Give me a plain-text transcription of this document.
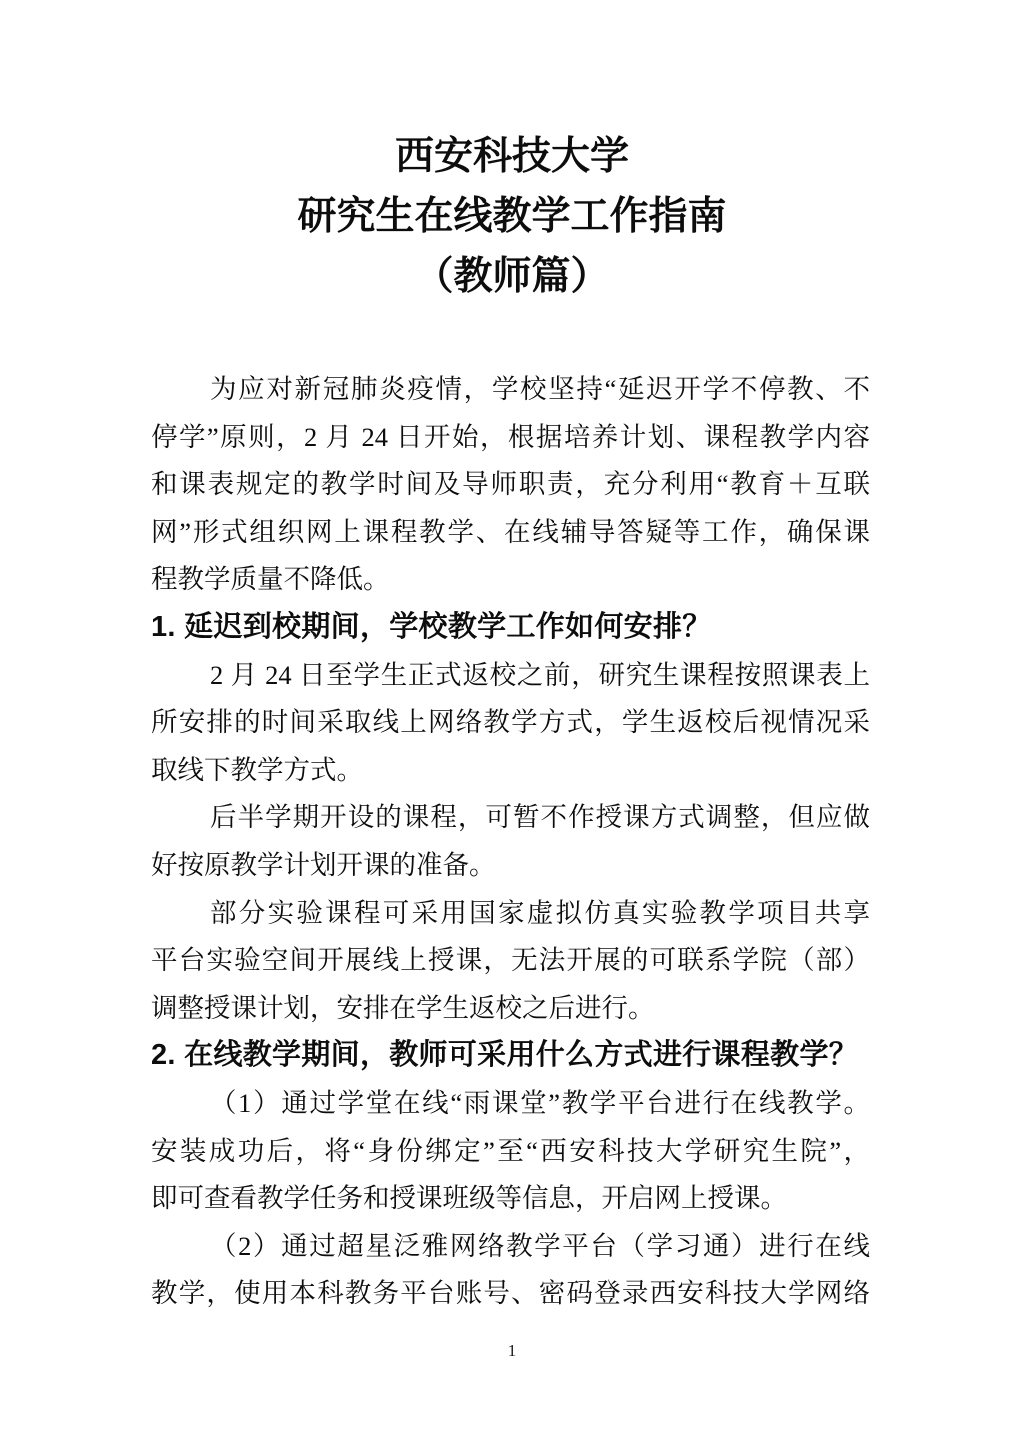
西安科技大学
研究生在线教学工作指南
（教师篇）
为应对新冠肺炎疫情，学校坚持“延迟开学不停教、不
停学”原则，2 月 24 日开始，根据培养计划、课程教学内容
和课表规定的教学时间及导师职责，充分利用“教育＋互联
网”形式组织网上课程教学、在线辅导答疑等工作，确保课
程教学质量不降低。
1. 延迟到校期间，学校教学工作如何安排？
2 月 24 日至学生正式返校之前，研究生课程按照课表上
所安排的时间采取线上网络教学方式，学生返校后视情况采
取线下教学方式。
后半学期开设的课程，可暂不作授课方式调整，但应做
好按原教学计划开课的准备。
部分实验课程可采用国家虚拟仿真实验教学项目共享
平台实验空间开展线上授课，无法开展的可联系学院（部）
调整授课计划，安排在学生返校之后进行。
2. 在线教学期间，教师可采用什么方式进行课程教学？
（1）通过学堂在线“雨课堂”教学平台进行在线教学。
安装成功后，将“身份绑定”至“西安科技大学研究生院”，
即可查看教学任务和授课班级等信息，开启网上授课。
（2）通过超星泛雅网络教学平台（学习通）进行在线
教学，使用本科教务平台账号、密码登录西安科技大学网络
1
